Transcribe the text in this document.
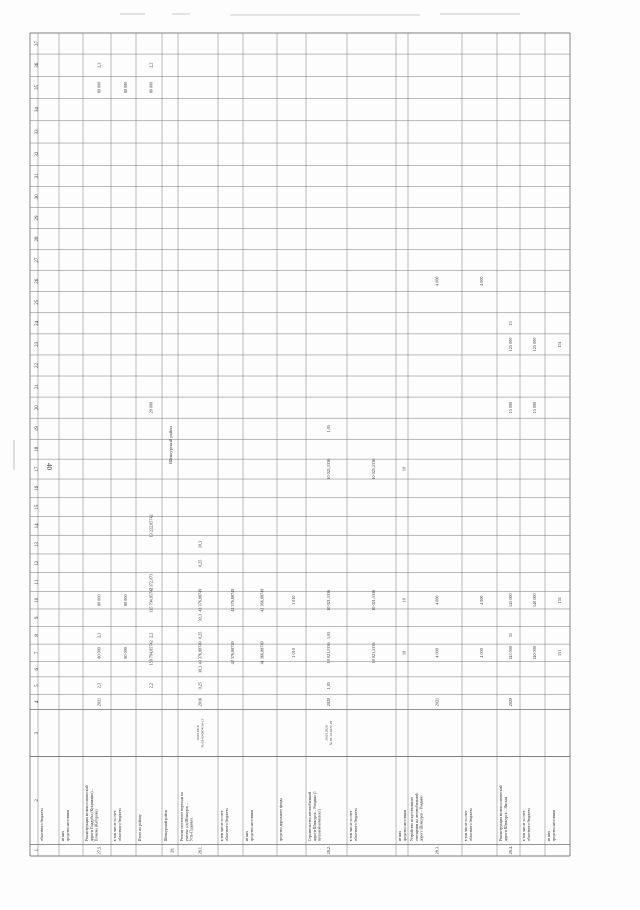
40
1
2
3
4
5
6
7
8
9
10
11
12
13
14
15
16
17
18
19
20
21
22
23
24
25
26
27
28
29
30
31
32
33
34
35
36
37
областного бюджета	из нихсредства населения
27.5.
Реконструкция межпоселенческойдороги Поддубье (Кукушкино) –Печкова (Кабурова)
2021
2,3
80 000
2,3
80 000
80 000
2,3
в том числе за счетобластного бюджета
80 000
80 000
80 000
Итого по району
2,2
159 794,85742
2,2
115 794,85742
7 372,073
13 222,85742
20 000
80 000
2,2
28.
Шенкурский район
28.1.
Ремонт мостового перехода научастке а/д Шенкурск –Усть-Паденьга
19.05.2016№ 03-03-0074/16-13
2016
0,25
30,3
43 376,88749
0,25
30,3
43 376,88749
0,25
30,3
в том числе за счетобластного бюджета
42 376,88749
42 376,88749
из нихсредства населения
41 366,88749
41 366,88749
средства дорожного фонда
1 010
1 010
28.2.
Строительство автомобильнойдороги Шенкурск – Ровдино (1пусковой комплекс)
26.03.2020№ 03-13-0172-16
2020
1,05
10 021,5336
1,05
10 021,5336
10 021,5336
1,05
в том числе за счетобластного бюджета
10 021,5336
10 021,5336
10 021,5336
из нихсредства населения
10
10
10
28.3.
Устройство искусственногоосвещения на автомобильнойдороге Шенкурск – Ровдино
2021
4 000
4 000
4 000
в том числе за счетобластного бюджета
4 000
4 000
4 000
28.4.
Реконструкция межпоселенческойдороги Шенкурск – Ямская
2020
145 000
33
145 000
15 000
125 000
13
в том числе за счетобластного бюджета
140 000
140 000
15 000
125 000
из нихсредства населения
151
151
151
Шенкурский район
